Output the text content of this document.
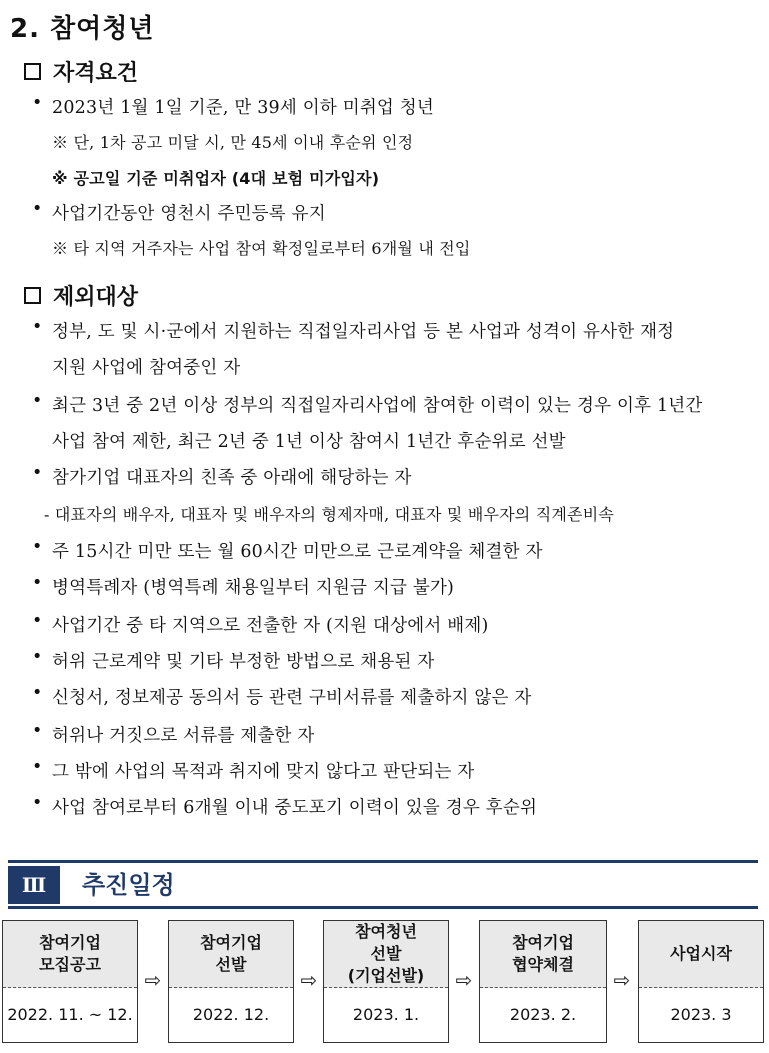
2. 참여청년
자격요건
• 2023년 1월 1일 기준, 만 39세 이하 미취업 청년
※ 단, 1차 공고 미달 시, 만 45세 이내 후순위 인정
※ 공고일 기준 미취업자 (4대 보험 미가입자)
• 사업기간동안 영천시 주민등록 유지
※ 타 지역 거주자는 사업 참여 확정일로부터 6개월 내 전입
제외대상
• 정부, 도 및 시·군에서 지원하는 직접일자리사업 등 본 사업과 성격이 유사한 재정
지원 사업에 참여중인 자
• 최근 3년 중 2년 이상 정부의 직접일자리사업에 참여한 이력이 있는 경우 이후 1년간
사업 참여 제한, 최근 2년 중 1년 이상 참여시 1년간 후순위로 선발
• 참가기업 대표자의 친족 중 아래에 해당하는 자
- 대표자의 배우자, 대표자 및 배우자의 형제자매, 대표자 및 배우자의 직계존비속
• 주 15시간 미만 또는 월 60시간 미만으로 근로계약을 체결한 자
• 병역특례자 (병역특례 채용일부터 지원금 지급 불가)
• 사업기간 중 타 지역으로 전출한 자 (지원 대상에서 배제)
• 허위 근로계약 및 기타 부정한 방법으로 채용된 자
• 신청서, 정보제공 동의서 등 관련 구비서류를 제출하지 않은 자
• 허위나 거짓으로 서류를 제출한 자
• 그 밖에 사업의 목적과 취지에 맞지 않다고 판단되는 자
• 사업 참여로부터 6개월 이내 중도포기 이력이 있을 경우 후순위
Ⅲ	추진일정
참여기업
모집공고
2022. 11. ~ 12.
⇨
참여기업
선발
2022. 12.
⇨
참여청년
선발
(기업선발)
2023. 1.
⇨
참여기업
협약체결
2023. 2.
⇨
사업시작
2023. 3
